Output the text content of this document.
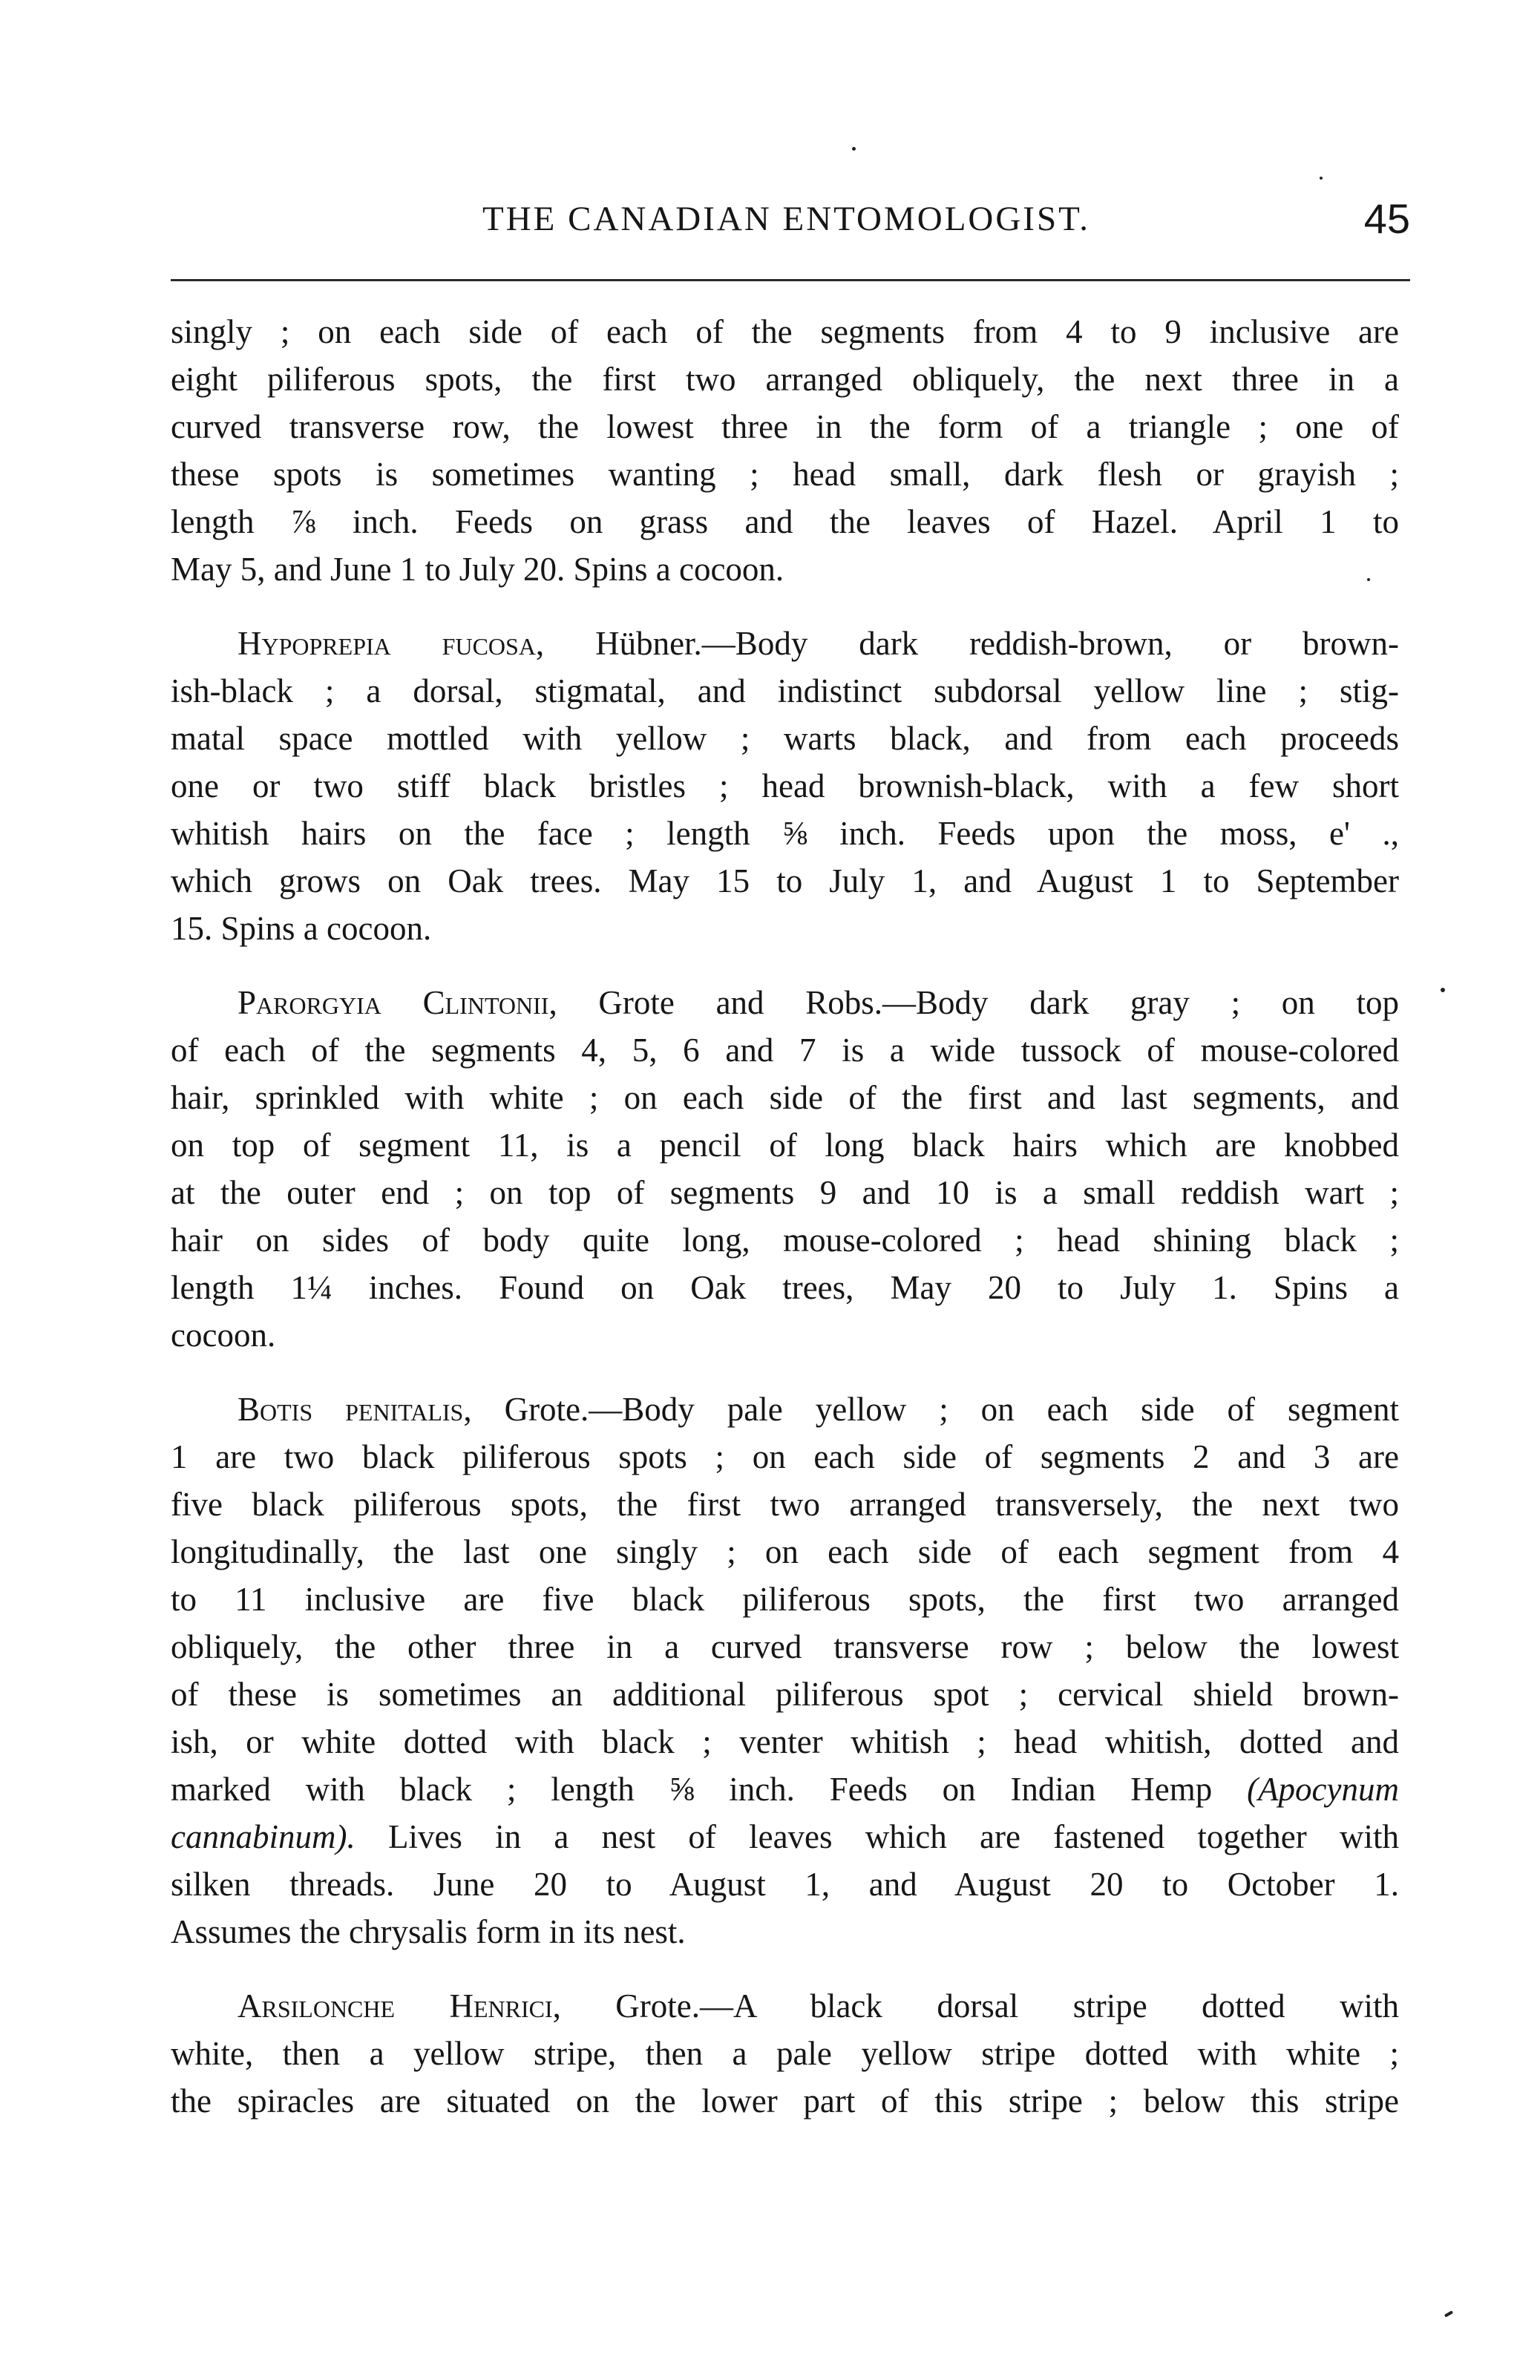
THE CANADIAN ENTOMOLOGIST.	45
singly ; on each side of each of the segments from 4 to 9 inclusive are
eight piliferous spots, the first two arranged obliquely, the next three in a
curved transverse row, the lowest three in the form of a triangle ; one of
these spots is sometimes wanting ; head small, dark flesh or grayish ;
length ⅞ inch. Feeds on grass and the leaves of Hazel. April 1 to
May 5, and June 1 to July 20. Spins a cocoon.
Hypoprepia fucosa, Hübner.—Body dark reddish-brown, or brown-
ish-black ; a dorsal, stigmatal, and indistinct subdorsal yellow line ; stig-
matal space mottled with yellow ; warts black, and from each proceeds
one or two stiff black bristles ; head brownish-black, with a few short
whitish hairs on the face ; length ⅝ inch. Feeds upon the moss, e' .,
which grows on Oak trees. May 15 to July 1, and August 1 to September
15. Spins a cocoon.
Parorgyia Clintonii, Grote and Robs.—Body dark gray ; on top
of each of the segments 4, 5, 6 and 7 is a wide tussock of mouse-colored
hair, sprinkled with white ; on each side of the first and last segments, and
on top of segment 11, is a pencil of long black hairs which are knobbed
at the outer end ; on top of segments 9 and 10 is a small reddish wart ;
hair on sides of body quite long, mouse-colored ; head shining black ;
length 1¼ inches. Found on Oak trees, May 20 to July 1. Spins a
cocoon.
Botis penitalis, Grote.—Body pale yellow ; on each side of segment
1 are two black piliferous spots ; on each side of segments 2 and 3 are
five black piliferous spots, the first two arranged transversely, the next two
longitudinally, the last one singly ; on each side of each segment from 4
to 11 inclusive are five black piliferous spots, the first two arranged
obliquely, the other three in a curved transverse row ; below the lowest
of these is sometimes an additional piliferous spot ; cervical shield brown-
ish, or white dotted with black ; venter whitish ; head whitish, dotted and
marked with black ; length ⅝ inch. Feeds on Indian Hemp (Apocynum
cannabinum). Lives in a nest of leaves which are fastened together with
silken threads. June 20 to August 1, and August 20 to October 1.
Assumes the chrysalis form in its nest.
Arsilonche Henrici, Grote.—A black dorsal stripe dotted with
white, then a yellow stripe, then a pale yellow stripe dotted with white ;
the spiracles are situated on the lower part of this stripe ; below this stripe
